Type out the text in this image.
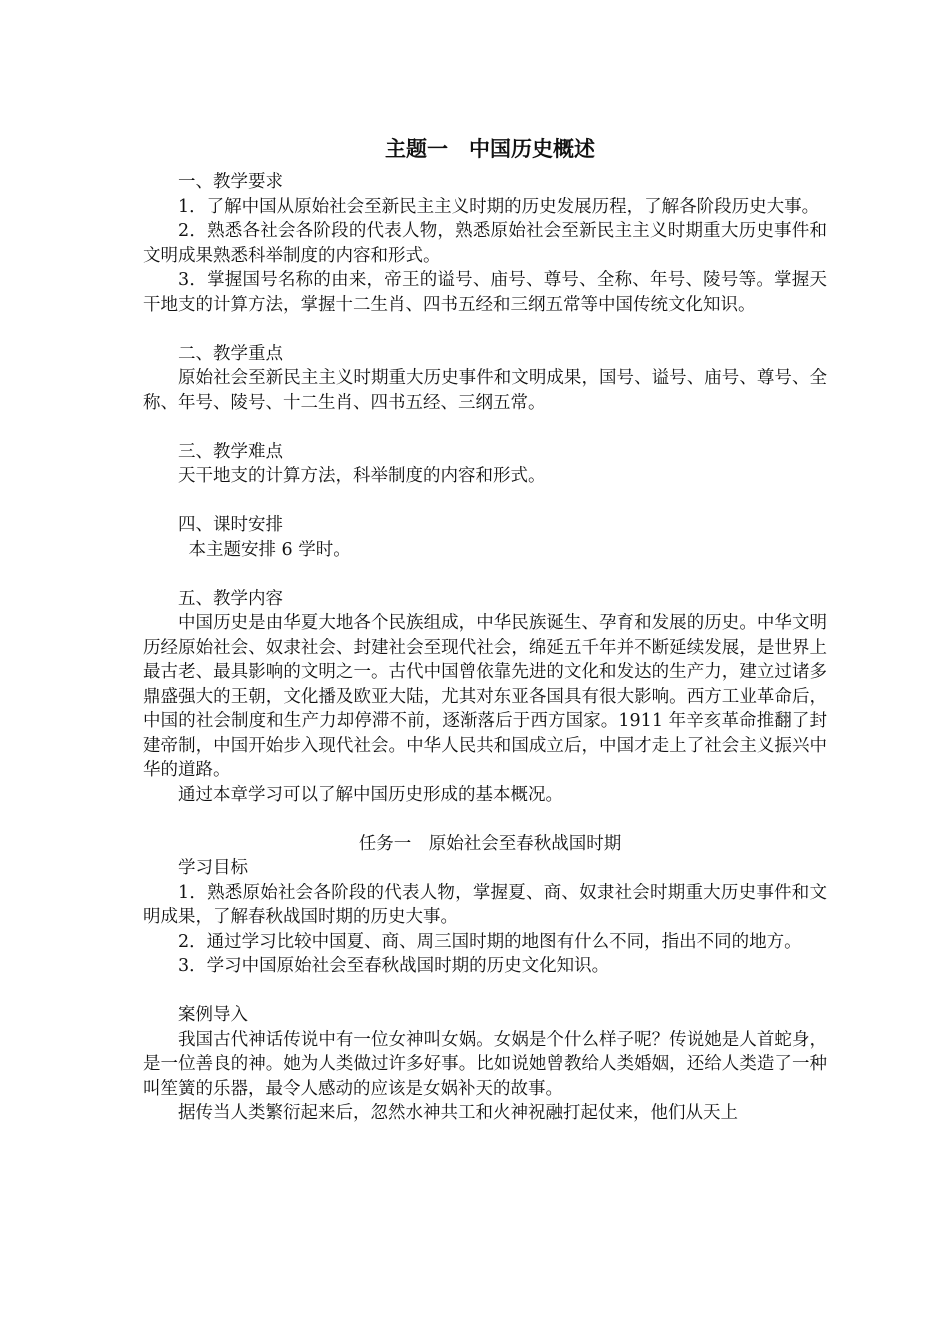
主题一　中国历史概述
一、教学要求

1．了解中国从原始社会至新民主主义时期的历史发展历程，了解各阶段历史大事。

2．熟悉各社会各阶段的代表人物，熟悉原始社会至新民主主义时期重大历史事件和文明成果熟悉科举制度的内容和形式。

3．掌握国号名称的由来，帝王的谥号、庙号、尊号、全称、年号、陵号等。掌握天干地支的计算方法，掌握十二生肖、四书五经和三纲五常等中国传统文化知识。

二、教学重点

原始社会至新民主主义时期重大历史事件和文明成果，国号、谥号、庙号、尊号、全称、年号、陵号、十二生肖、四书五经、三纲五常。

三、教学难点

天干地支的计算方法，科举制度的内容和形式。

四、课时安排

本主题安排 6 学时。

五、教学内容

中国历史是由华夏大地各个民族组成，中华民族诞生、孕育和发展的历史。中华文明历经原始社会、奴隶社会、封建社会至现代社会，绵延五千年并不断延续发展，是世界上最古老、最具影响的文明之一。古代中国曾依靠先进的文化和发达的生产力，建立过诸多鼎盛强大的王朝，文化播及欧亚大陆，尤其对东亚各国具有很大影响。西方工业革命后，中国的社会制度和生产力却停滞不前，逐渐落后于西方国家。1911 年辛亥革命推翻了封建帝制，中国开始步入现代社会。中华人民共和国成立后，中国才走上了社会主义振兴中华的道路。

通过本章学习可以了解中国历史形成的基本概况。

任务一　原始社会至春秋战国时期
学习目标

1．熟悉原始社会各阶段的代表人物，掌握夏、商、奴隶社会时期重大历史事件和文明成果，了解春秋战国时期的历史大事。

2．通过学习比较中国夏、商、周三国时期的地图有什么不同，指出不同的地方。

3．学习中国原始社会至春秋战国时期的历史文化知识。

案例导入

我国古代神话传说中有一位女神叫女娲。女娲是个什么样子呢？传说她是人首蛇身，是一位善良的神。她为人类做过许多好事。比如说她曾教给人类婚姻，还给人类造了一种叫笙簧的乐器，最令人感动的应该是女娲补天的故事。

据传当人类繁衍起来后，忽然水神共工和火神祝融打起仗来，他们从天上
